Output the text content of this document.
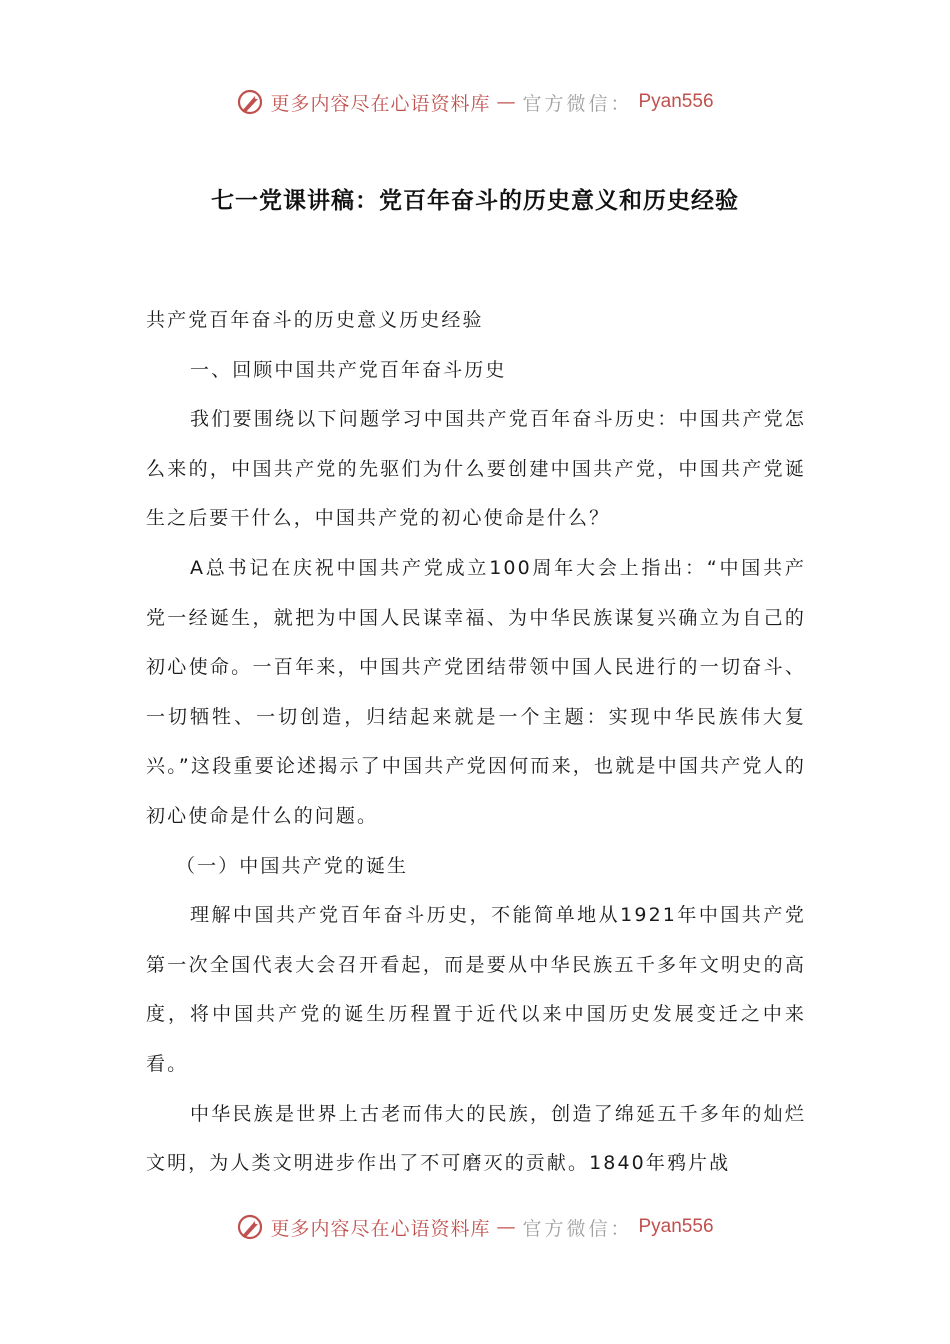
更多内容尽在心语资料库 — 官方微信： Pyan556
七一党课讲稿：党百年奋斗的历史意义和历史经验

共产党百年奋斗的历史意义历史经验

一、回顾中国共产党百年奋斗历史

我们要围绕以下问题学习中国共产党百年奋斗历史：中国共产党怎么来的，中国共产党的先驱们为什么要创建中国共产党，中国共产党诞生之后要干什么，中国共产党的初心使命是什么？

A总书记在庆祝中国共产党成立100周年大会上指出：“中国共产党一经诞生，就把为中国人民谋幸福、为中华民族谋复兴确立为自己的初心使命。一百年来，中国共产党团结带领中国人民进行的一切奋斗、一切牺牲、一切创造，归结起来就是一个主题：实现中华民族伟大复兴。”这段重要论述揭示了中国共产党因何而来，也就是中国共产党人的初心使命是什么的问题。

（一）中国共产党的诞生

理解中国共产党百年奋斗历史，不能简单地从1921年中国共产党第一次全国代表大会召开看起，而是要从中华民族五千多年文明史的高度，将中国共产党的诞生历程置于近代以来中国历史发展变迁之中来看。

中华民族是世界上古老而伟大的民族，创造了绵延五千多年的灿烂文明，为人类文明进步作出了不可磨灭的贡献。1840年鸦片战

更多内容尽在心语资料库 — 官方微信： Pyan556
